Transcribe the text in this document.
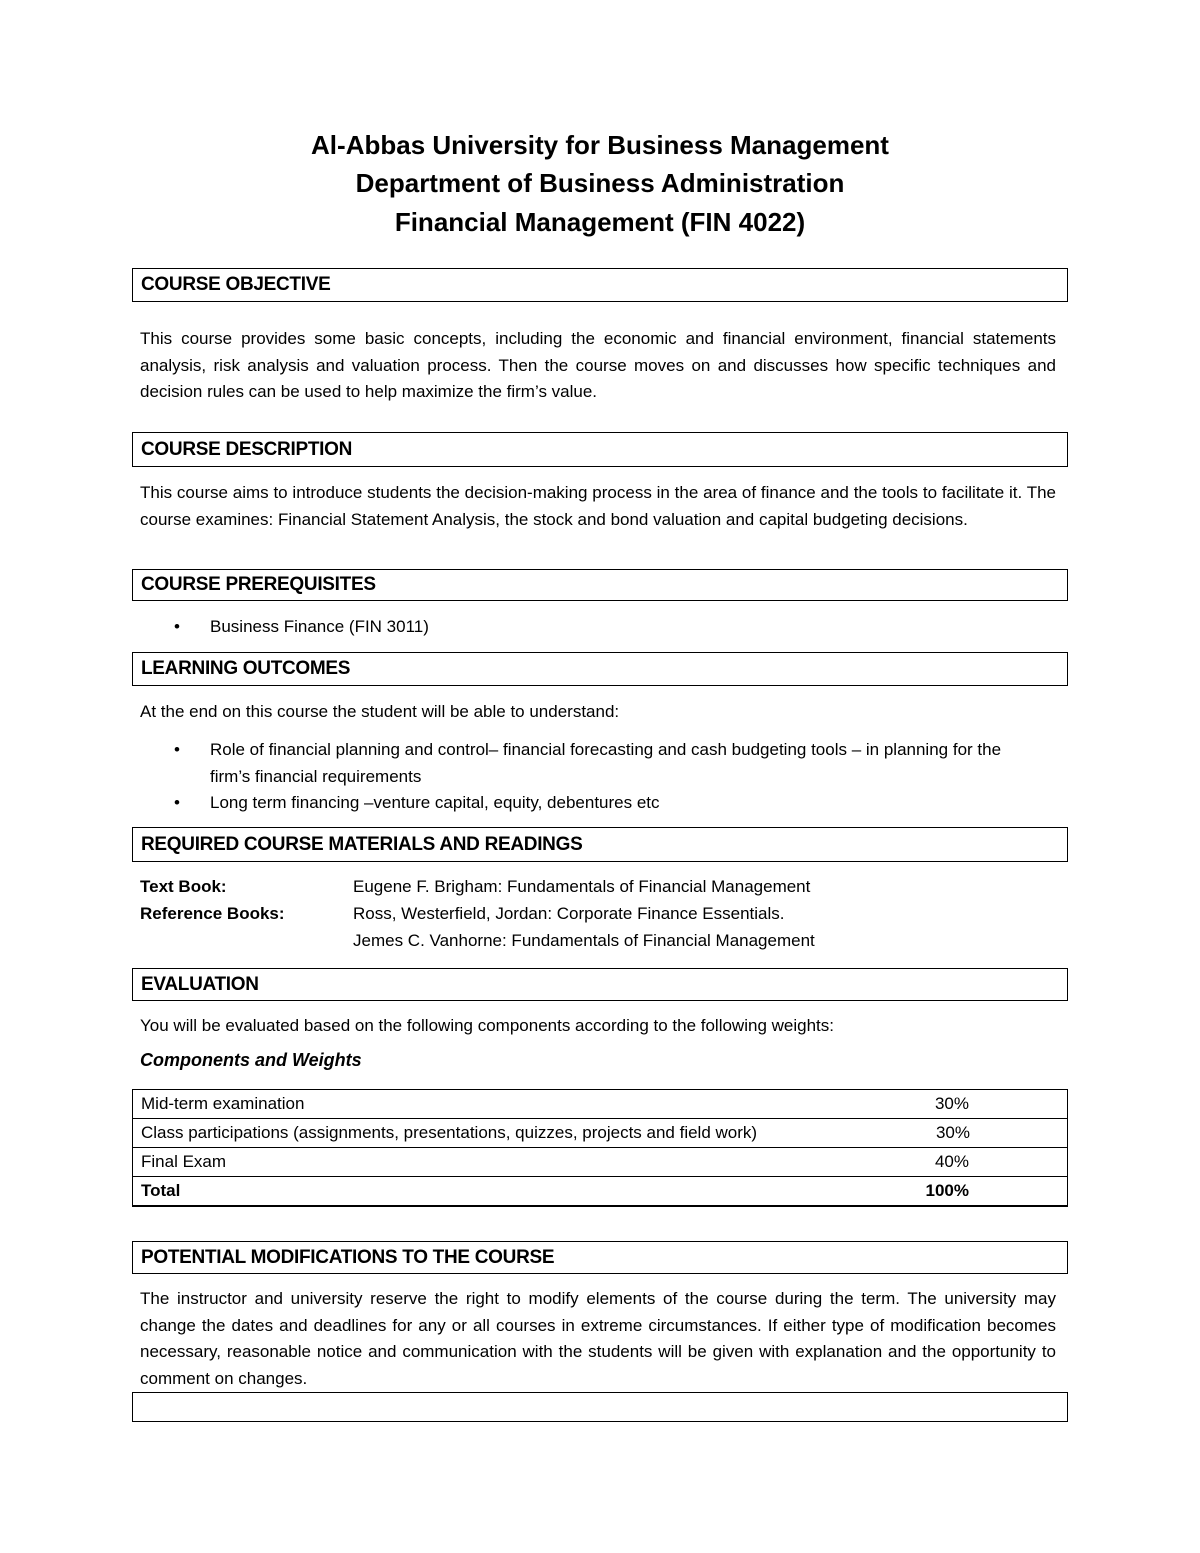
Al-Abbas University for Business Management
Department of Business Administration
Financial Management (FIN 4022)
COURSE OBJECTIVE
This course provides some basic concepts, including the economic and financial environment, financial statements analysis, risk analysis and valuation process. Then the course moves on and discusses how specific techniques and decision rules can be used to help maximize the firm’s value.
COURSE DESCRIPTION
This course aims to introduce students the decision-making process in the area of finance and the tools to facilitate it. The course examines: Financial Statement Analysis, the stock and bond valuation and capital budgeting decisions.
COURSE PREREQUISITES
• Business Finance (FIN 3011)
LEARNING OUTCOMES
At the end on this course the student will be able to understand:
• Role of financial planning and control– financial forecasting and cash budgeting tools – in planning for the firm’s financial requirements
• Long term financing –venture capital, equity, debentures etc
REQUIRED COURSE MATERIALS AND READINGS
Text Book:	Eugene F. Brigham: Fundamentals of Financial Management
Reference Books:	Ross, Westerfield, Jordan: Corporate Finance Essentials.
Jemes C. Vanhorne: Fundamentals of Financial Management
EVALUATION
You will be evaluated based on the following components according to the following weights:
Components and Weights
Mid-term examination	30%
Class participations (assignments, presentations, quizzes, projects and field work)	30%
Final Exam	40%
Total	100%
POTENTIAL MODIFICATIONS TO THE COURSE
The instructor and university reserve the right to modify elements of the course during the term. The university may change the dates and deadlines for any or all courses in extreme circumstances. If either type of modification becomes necessary, reasonable notice and communication with the students will be given with explanation and the opportunity to comment on changes.
